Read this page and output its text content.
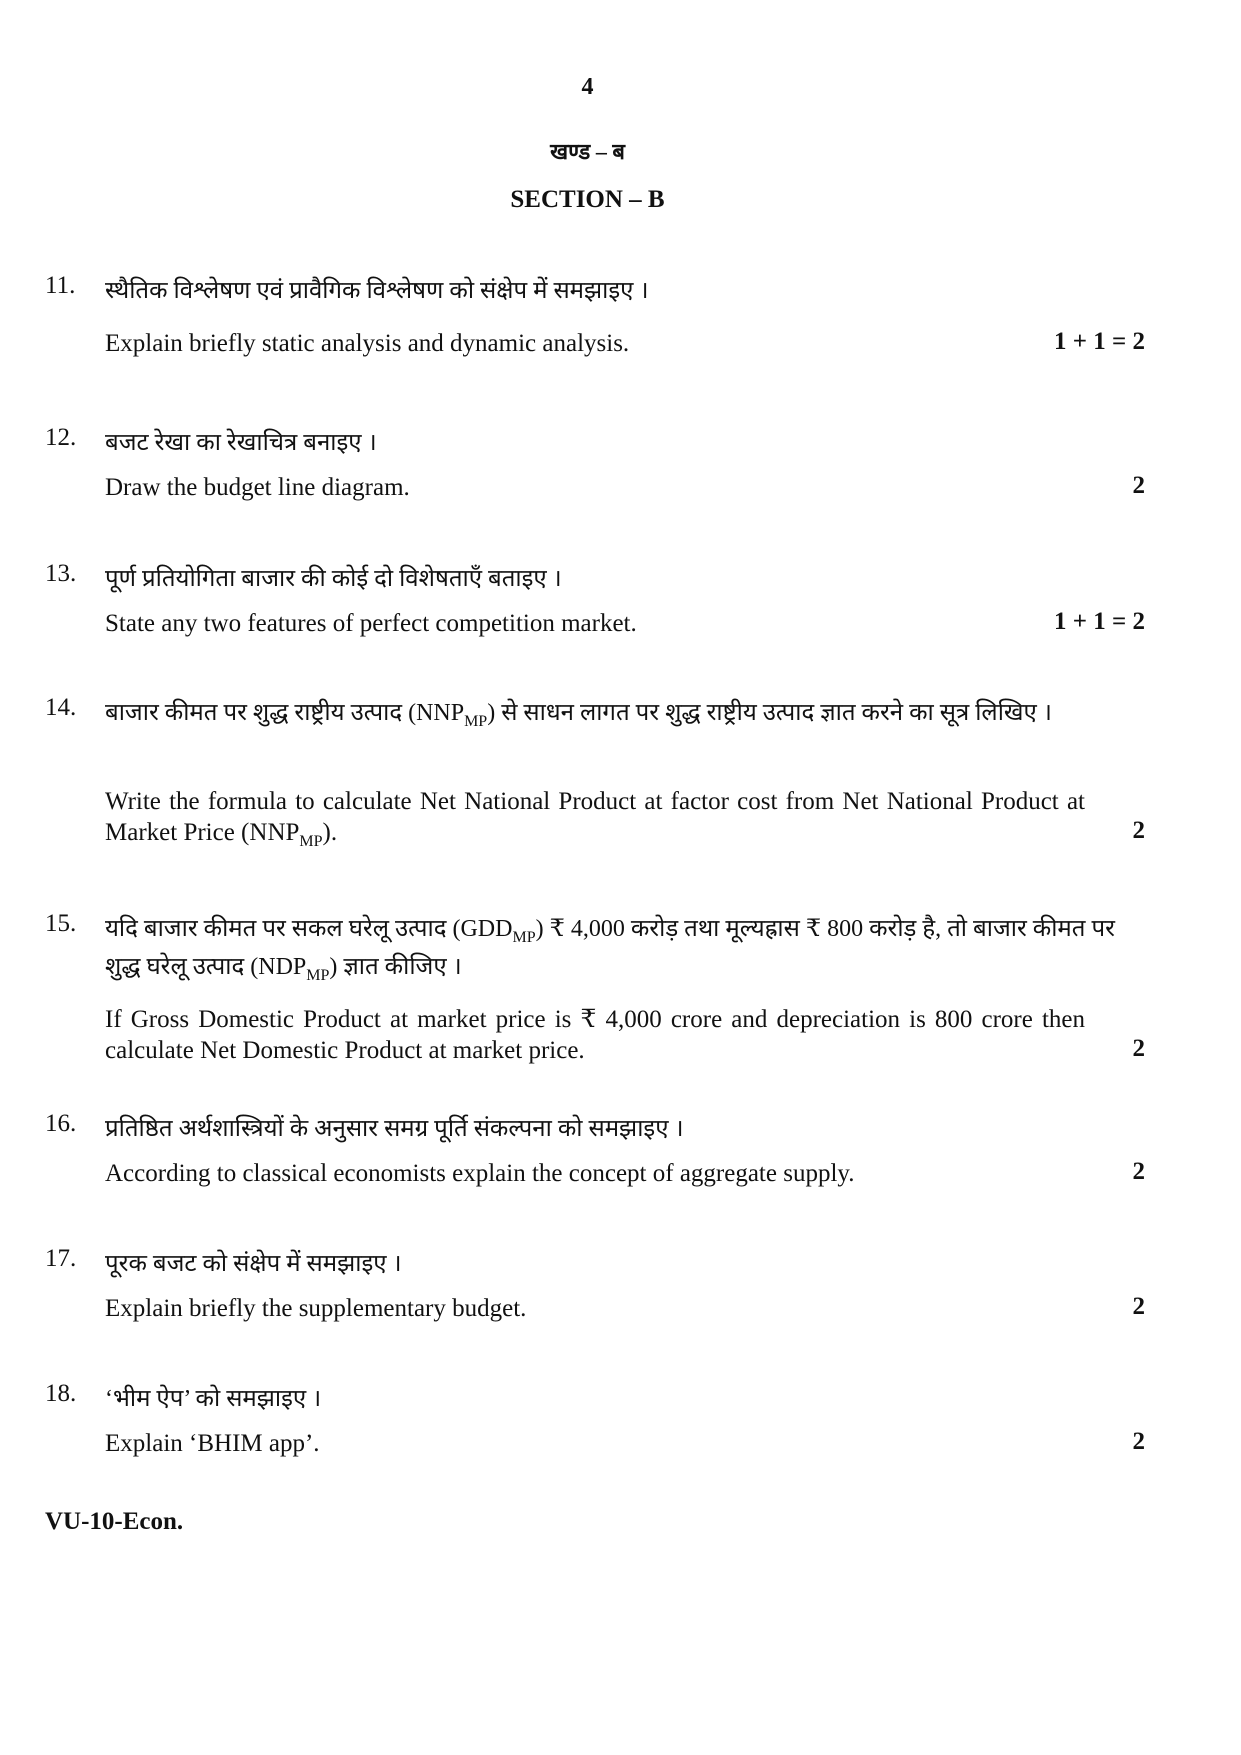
4
खण्ड – ब
SECTION – B
11. स्थैतिक विश्लेषण एवं प्रावैगिक विश्लेषण को संक्षेप में समझाइए ।
Explain briefly static analysis and dynamic analysis.	1 + 1 = 2
12. बजट रेखा का रेखाचित्र बनाइए ।
Draw the budget line diagram.	2
13. पूर्ण प्रतियोगिता बाजार की कोई दो विशेषताएँ बताइए ।
State any two features of perfect competition market.	1 + 1 = 2
14. बाजार कीमत पर शुद्ध राष्ट्रीय उत्पाद $(NNP_{MP})$ से साधन लागत पर शुद्ध राष्ट्रीय उत्पाद ज्ञात करने का सूत्र लिखिए ।
Write the formula to calculate Net National Product at factor cost from Net National Product at Market Price $(NNP_{MP})$.	2
15. यदि बाजार कीमत पर सकल घरेलू उत्पाद $(GDD_{MP})$ ₹ 4,000 करोड़ तथा मूल्यह्रास ₹ 800 करोड़ है, तो बाजार कीमत पर शुद्ध घरेलू उत्पाद $(NDP_{MP})$ ज्ञात कीजिए ।
If Gross Domestic Product at market price is ₹ 4,000 crore and depreciation is 800 crore then calculate Net Domestic Product at market price.	2
16. प्रतिष्ठित अर्थशास्त्रियों के अनुसार समग्र पूर्ति संकल्पना को समझाइए ।
According to classical economists explain the concept of aggregate supply.	2
17. पूरक बजट को संक्षेप में समझाइए ।
Explain briefly the supplementary budget.	2
18. ‘भीम ऐप’ को समझाइए ।
Explain ‘BHIM app’.	2
VU-10-Econ.
